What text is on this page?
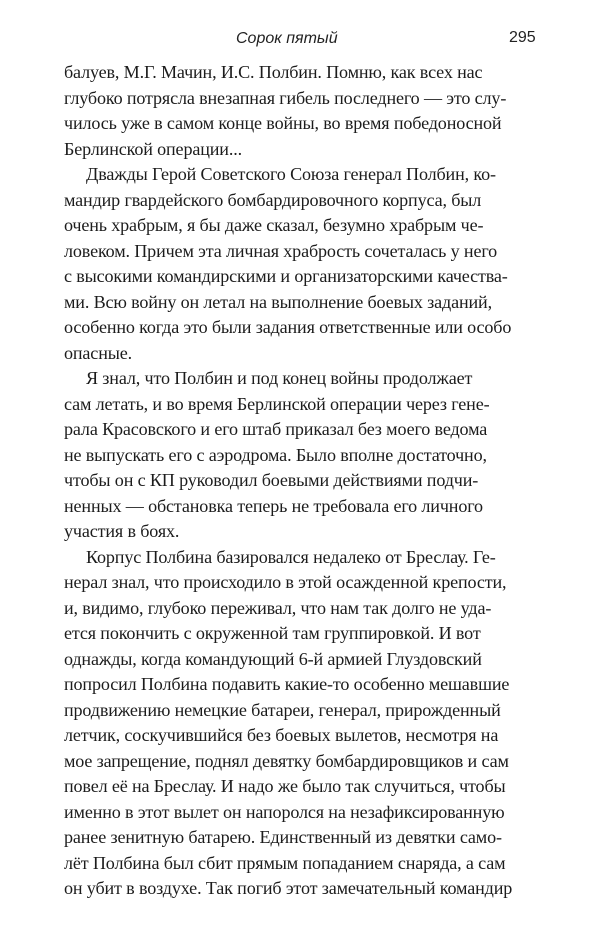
Сорок пятый	295
балуев, М.Г. Мачин, И.С. Полбин. Помню, как всех нас
глубоко потрясла внезапная гибель последнего — это слу-
чилось уже в самом конце войны, во время победоносной
Берлинской операции...
Дважды Герой Советского Союза генерал Полбин, ко-
мандир гвардейского бомбардировочного корпуса, был
очень храбрым, я бы даже сказал, безумно храбрым че-
ловеком. Причем эта личная храбрость сочеталась у него
с высокими командирскими и организаторскими качества-
ми. Всю войну он летал на выполнение боевых заданий,
особенно когда это были задания ответственные или особо
опасные.
Я знал, что Полбин и под конец войны продолжает
сам летать, и во время Берлинской операции через гене-
рала Красовского и его штаб приказал без моего ведома
не выпускать его с аэродрома. Было вполне достаточно,
чтобы он с КП руководил боевыми действиями подчи-
ненных — обстановка теперь не требовала его личного
участия в боях.
Корпус Полбина базировался недалеко от Бреслау. Ге-
нерал знал, что происходило в этой осажденной крепости,
и, видимо, глубоко переживал, что нам так долго не уда-
ется покончить с окруженной там группировкой. И вот
однажды, когда командующий 6-й армией Глуздовский
попросил Полбина подавить какие-то особенно мешавшие
продвижению немецкие батареи, генерал, прирожденный
летчик, соскучившийся без боевых вылетов, несмотря на
мое запрещение, поднял девятку бомбардировщиков и сам
повел её на Бреслау. И надо же было так случиться, чтобы
именно в этот вылет он напоролся на незафиксированную
ранее зенитную батарею. Единственный из девятки само-
лёт Полбина был сбит прямым попаданием снаряда, а сам
он убит в воздухе. Так погиб этот замечательный командир
